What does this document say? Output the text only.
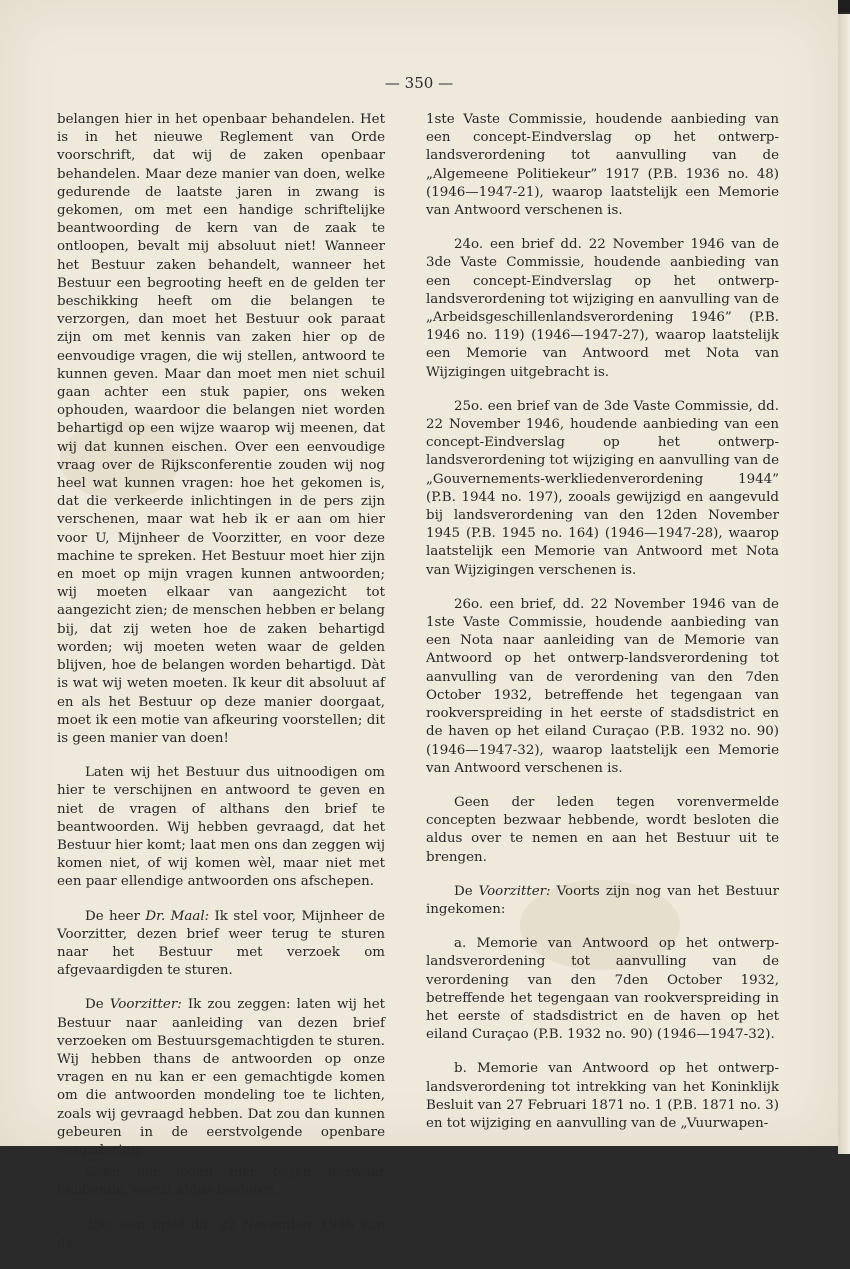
— 350 —

belangen hier in het openbaar behandelen. Het is in het nieuwe Reglement van Orde voorschrift, dat wij de zaken openbaar behandelen. Maar deze manier van doen, welke gedurende de laatste jaren in zwang is gekomen, om met een handige schriftelijke beantwoording de kern van de zaak te ontloopen, bevalt mij absoluut niet! Wanneer het Bestuur zaken behandelt, wanneer het Bestuur een begrooting heeft en de gelden ter beschikking heeft om die belangen te verzorgen, dan moet het Bestuur ook paraat zijn om met kennis van zaken hier op de eenvoudige vragen, die wij stellen, antwoord te kunnen geven. Maar dan moet men niet schuil gaan achter een stuk papier, ons weken ophouden, waardoor die belangen niet worden behartigd op een wijze waarop wij meenen, dat wij dat kunnen eischen. Over een eenvoudige vraag over de Rijksconferentie zouden wij nog heel wat kunnen vragen: hoe het gekomen is, dat die verkeerde inlichtingen in de pers zijn verschenen, maar wat heb ik er aan om hier voor U, Mijnheer de Voorzitter, en voor deze machine te spreken. Het Bestuur moet hier zijn en moet op mijn vragen kunnen antwoorden; wij moeten elkaar van aangezicht tot aangezicht zien; de menschen hebben er belang bij, dat zij weten hoe de zaken behartigd worden; wij moeten weten waar de gelden blijven, hoe de belangen worden behartigd. Dàt is wat wij weten moeten. Ik keur dit absoluut af en als het Bestuur op deze manier doorgaat, moet ik een motie van afkeuring voorstellen; dit is geen manier van doen!

Laten wij het Bestuur dus uitnoodigen om hier te verschijnen en antwoord te geven en niet de vragen of althans den brief te beantwoorden. Wij hebben gevraagd, dat het Bestuur hier komt; laat men ons dan zeggen wij komen niet, of wij komen wèl, maar niet met een paar ellendige antwoorden ons afschepen.

De heer Dr. Maal: Ik stel voor, Mijnheer de Voorzitter, dezen brief weer terug te sturen naar het Bestuur met verzoek om afgevaardigden te sturen.

De Voorzitter: Ik zou zeggen: laten wij het Bestuur naar aanleiding van dezen brief verzoeken om Bestuursgemachtigden te sturen. Wij hebben thans de antwoorden op onze vragen en nu kan er een gemachtigde komen om die antwoorden mondeling toe te lichten, zoals wij gevraagd hebben. Dat zou dan kunnen gebeuren in de eerstvolgende openbare vergadering.

Geen der leden hier tegen bezwaar hebbende, wordt aldus besloten.

23o. een brief dd. 22 November 1946 van de

1ste Vaste Commissie, houdende aanbieding van een concept-Eindverslag op het ontwerp-landsverordening tot aanvulling van de „Algemeene Politiekeur” 1917 (P.B. 1936 no. 48) (1946—1947-21), waarop laatstelijk een Memorie van Antwoord verschenen is.

24o. een brief dd. 22 November 1946 van de 3de Vaste Commissie, houdende aanbieding van een concept-Eindverslag op het ontwerp-landsverordening tot wijziging en aanvulling van de „Arbeidsgeschillenlandsverordening 1946” (P.B. 1946 no. 119) (1946—1947-27), waarop laatstelijk een Memorie van Antwoord met Nota van Wijzigingen uitgebracht is.

25o. een brief van de 3de Vaste Commissie, dd. 22 November 1946, houdende aanbieding van een concept-Eindverslag op het ontwerp-landsverordening tot wijziging en aanvulling van de „Gouvernements-werkliedenverordening 1944” (P.B. 1944 no. 197), zooals gewijzigd en aangevuld bij landsverordening van den 12den November 1945 (P.B. 1945 no. 164) (1946—1947-28), waarop laatstelijk een Memorie van Antwoord met Nota van Wijzigingen verschenen is.

26o. een brief, dd. 22 November 1946 van de 1ste Vaste Commissie, houdende aanbieding van een Nota naar aanleiding van de Memorie van Antwoord op het ontwerp-landsverordening tot aanvulling van de verordening van den 7den October 1932, betreffende het tegengaan van rookverspreiding in het eerste of stadsdistrict en de haven op het eiland Curaçao (P.B. 1932 no. 90) (1946—1947-32), waarop laatstelijk een Memorie van Antwoord verschenen is.

Geen der leden tegen vorenvermelde concepten bezwaar hebbende, wordt besloten die aldus over te nemen en aan het Bestuur uit te brengen.

De Voorzitter: Voorts zijn nog van het Bestuur ingekomen:

a. Memorie van Antwoord op het ontwerp-landsverordening tot aanvulling van de verordening van den 7den October 1932, betreffende het tegengaan van rookverspreiding in het eerste of stadsdistrict en de haven op het eiland Curaçao (P.B. 1932 no. 90) (1946—1947-32).

b. Memorie van Antwoord op het ontwerp-landsverordening tot intrekking van het Koninklijk Besluit van 27 Februari 1871 no. 1 (P.B. 1871 no. 3) en tot wijziging en aanvulling van de „Vuurwapen-
